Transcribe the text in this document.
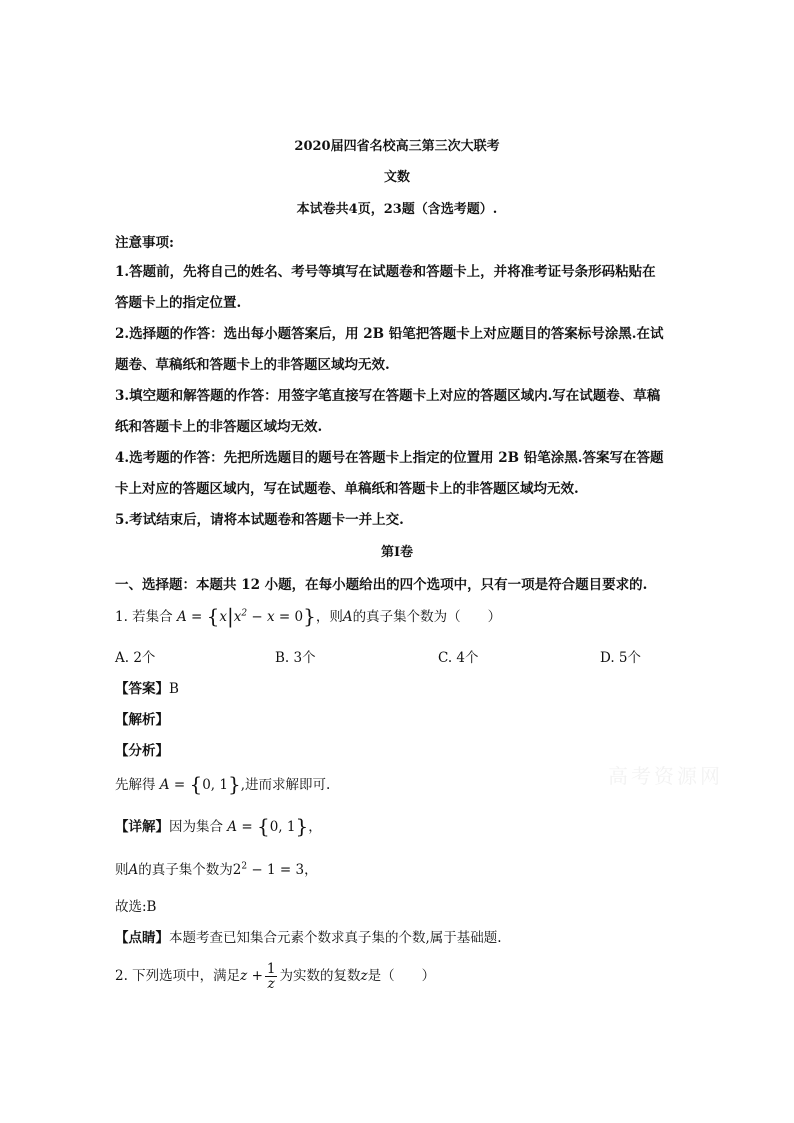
2020届四省名校高三第三次大联考
文数
本试卷共4页，23题（含选考题）.
注意事项:
1.答题前，先将自己的姓名、考号等填写在试题卷和答题卡上，并将准考证号条形码粘贴在
答题卡上的指定位置.
2.选择题的作答：选出每小题答案后，用 2B 铅笔把答题卡上对应题目的答案标号涂黑.在试
题卷、草稿纸和答题卡上的非答题区域均无效.
3.填空题和解答题的作答：用签字笔直接写在答题卡上对应的答题区域内.写在试题卷、草稿
纸和答题卡上的非答题区域均无效.
4.选考题的作答：先把所选题目的题号在答题卡上指定的位置用 2B 铅笔涂黑.答案写在答题
卡上对应的答题区域内，写在试题卷、单稿纸和答题卡上的非答题区域均无效.
5.考试结束后，请将本试题卷和答题卡一并上交.
第Ⅰ卷
一、选择题：本题共 12 小题，在每小题给出的四个选项中，只有一项是符合题目要求的.
1. 若集合 $A = \{x|x^2 - x = 0\}$，则A的真子集个数为（　　）
A. 2个	B. 3个	C. 4个	D. 5个
【答案】B
【解析】
【分析】
先解得 A = {0, 1},进而求解即可.
【详解】因为集合 A = {0, 1}，
则A的真子集个数为$2^2 - 1 = 3$，
故选:B
【点睛】本题考查已知集合元素个数求真子集的个数,属于基础题.
2. 下列选项中，满足$z + \frac{1}{z}$ 为实数的复数z是（　　）
高考资源网
